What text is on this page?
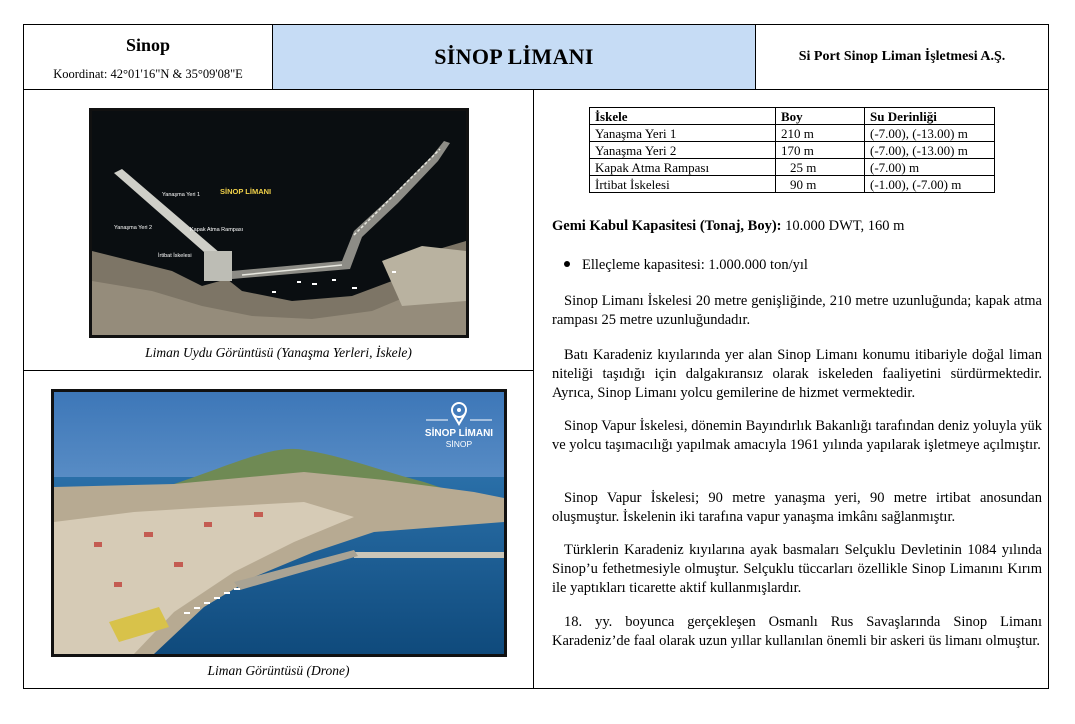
Sinop
Koordinat: 42°01'16"N & 35°09'08"E
SİNOP LİMANI	Si Port Sinop Liman İşletmesi A.Ş.
SİNOP LİMANI
Yanaşma Yeri 1
Yanaşma Yeri 2	Kapak Atma Rampası
İrtibat İskelesi
Liman Uydu Görüntüsü (Yanaşma Yerleri, İskele)
SİNOP LİMANI
SİNOP
Liman Görüntüsü (Drone)
İskele	Boy	Su Derinliği
Yanaşma Yeri 1	210 m	(-7.00), (-13.00) m
Yanaşma Yeri 2	170 m	(-7.00), (-13.00) m
Kapak Atma Rampası	25 m	(-7.00) m
İrtibat İskelesi	90 m	(-1.00), (-7.00) m
Gemi Kabul Kapasitesi (Tonaj, Boy): 10.000 DWT, 160 m
Elleçleme kapasitesi: 1.000.000 ton/yıl
Sinop Limanı İskelesi 20 metre genişliğinde, 210 metre uzunluğunda; kapak atma rampası 25 metre uzunluğundadır.
Batı Karadeniz kıyılarında yer alan Sinop Limanı konumu itibariyle doğal liman niteliği taşıdığı için dalgakıransız olarak iskeleden faaliyetini sürdürmektedir. Ayrıca, Sinop Limanı yolcu gemilerine de hizmet vermektedir.
Sinop Vapur İskelesi, dönemin Bayındırlık Bakanlığı tarafından deniz yoluyla yük ve yolcu taşımacılığı yapılmak amacıyla 1961 yılında yapılarak işletmeye açılmıştır.
Sinop Vapur İskelesi; 90 metre yanaşma yeri, 90 metre irtibat anosundan oluşmuştur. İskelenin iki tarafına vapur yanaşma imkânı sağlanmıştır.
Türklerin Karadeniz kıyılarına ayak basmaları Selçuklu Devletinin 1084 yılında Sinop’u fethetmesiyle olmuştur. Selçuklu tüccarları özellikle Sinop Limanını Kırım ile yaptıkları ticarette aktif kullanmışlardır.
18. yy. boyunca gerçekleşen Osmanlı Rus Savaşlarında Sinop Limanı Karadeniz’de faal olarak uzun yıllar kullanılan önemli bir askeri üs limanı olmuştur.
